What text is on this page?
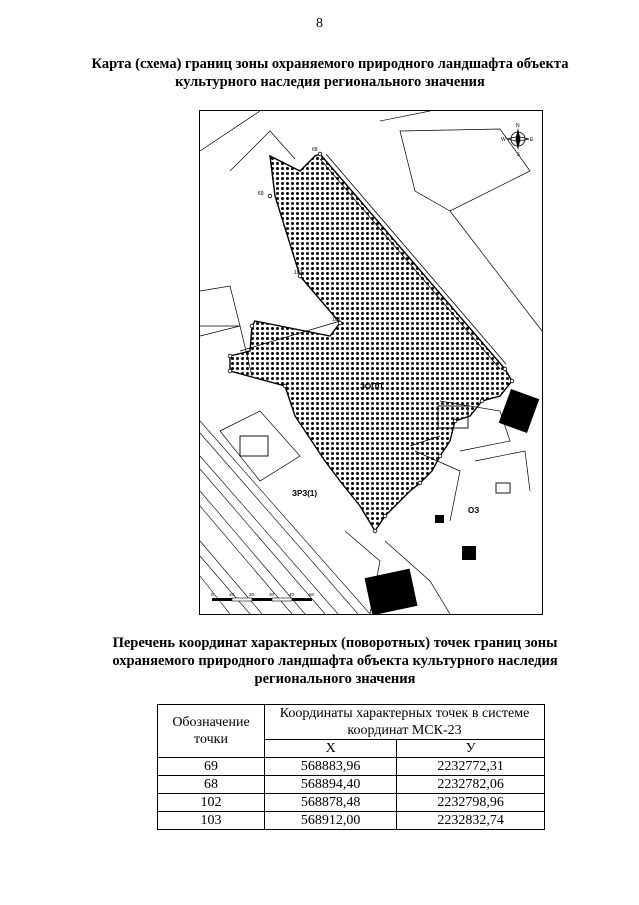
8
Карта (схема) границ зоны охраняемого природного ландшафта объекта культурного наследия регионального значения
69
68
102
103
ЗОПЛ
ЗРЗ(1)
ОЗ
N
S
E
W
0	10	20	30	40	50
Перечень координат характерных (поворотных) точек границ зоны охраняемого природного ландшафта объекта культурного наследия регионального значения
Обозначение точки	Координаты характерных точек в системе координат МСК-23	
	X	У
69	568883,96	2232772,31
68	568894,40	2232782,06
102	568878,48	2232798,96
103	568912,00	2232832,74
